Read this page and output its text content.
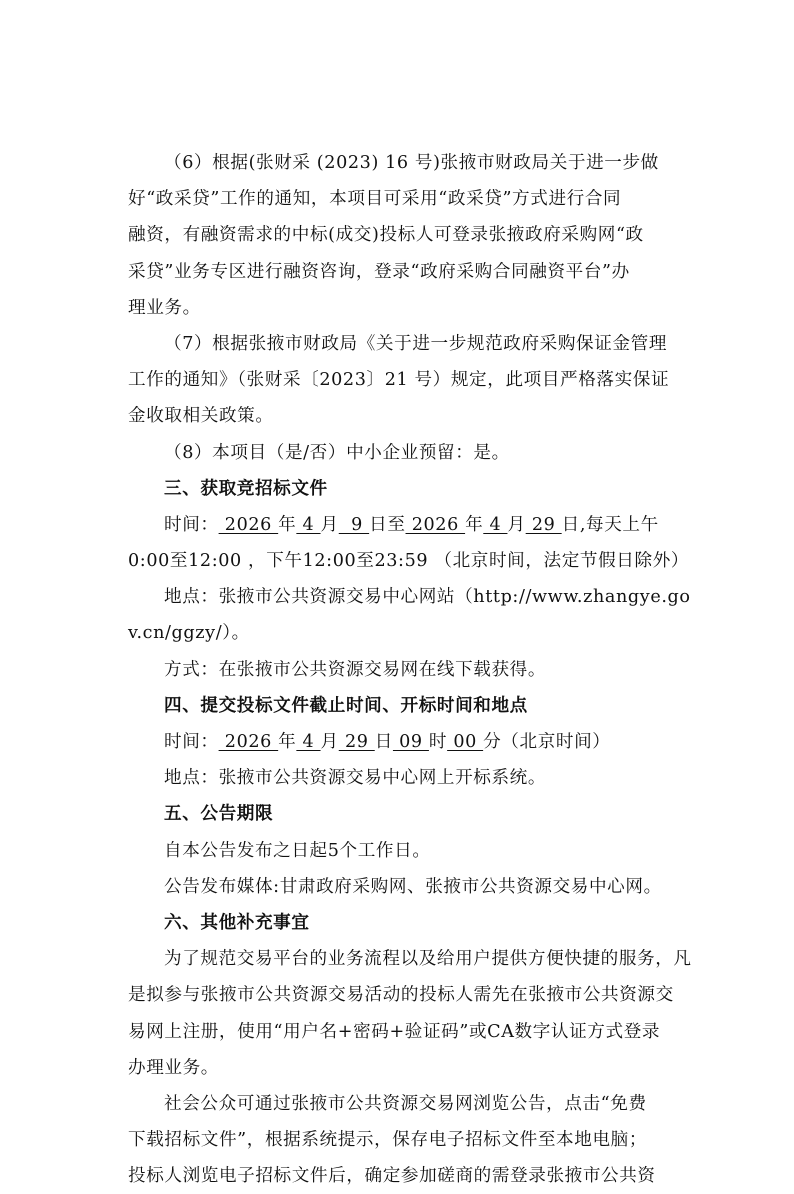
（6）根据(张财采 (2023) 16 号)张掖市财政局关于进一步做
好“政采贷”工作的通知，本项目可采用“政采贷”方式进行合同
融资，有融资需求的中标(成交)投标人可登录张掖政府采购网“政
采贷”业务专区进行融资咨询，登录“政府采购合同融资平台”办
理业务。
（7）根据张掖市财政局《关于进一步规范政府采购保证金管理
工作的通知》（张财采〔2023〕21 号）规定，此项目严格落实保证
金收取相关政策。
（8）本项目（是/否）中小企业预留：是。
三、获取竞招标文件
时间： 2026 年 4 月  9 日至 2026 年 4 月 29 日,每天上午
0:00至12:00 ，下午12:00至23:59 （北京时间，法定节假日除外）
地点：张掖市公共资源交易中心网站（http://www.zhangye.go
v.cn/ggzy/）。
方式：在张掖市公共资源交易网在线下载获得。
四、提交投标文件截止时间、开标时间和地点
时间： 2026 年 4 月 29 日 09 时 00 分（北京时间）
地点：张掖市公共资源交易中心网上开标系统。
五、公告期限
自本公告发布之日起5个工作日。
公告发布媒体:甘肃政府采购网、张掖市公共资源交易中心网。
六、其他补充事宜
为了规范交易平台的业务流程以及给用户提供方便快捷的服务，凡
是拟参与张掖市公共资源交易活动的投标人需先在张掖市公共资源交
易网上注册，使用“用户名+密码+验证码”或CA数字认证方式登录
办理业务。
社会公众可通过张掖市公共资源交易网浏览公告，点击“免费
下载招标文件”，根据系统提示，保存电子招标文件至本地电脑；
投标人浏览电子招标文件后，确定参加磋商的需登录张掖市公共资
